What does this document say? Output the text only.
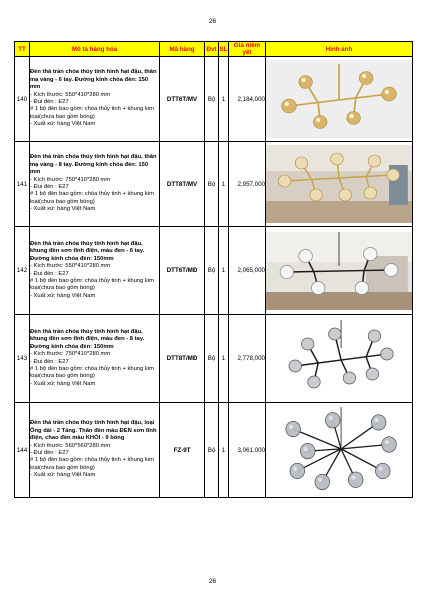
26
TT	Mô tả hàng hóa	Mã hàng	Đvt	SL	Giá niêm yết	Hình ảnh
140	Đèn thả trần chóa thủy tinh hình hạt đậu, thân mạ vàng - 6 tay. Đường kính chóa đèn: 150 mm
- Kích thước: 550*410*280 mm
- Đui đèn : E27
# 1 bộ đèn bao gồm: chóa thủy tinh + khung kim loại(chưa bao gồm bóng)
- Xuất xứ: hàng Việt Nam	DTT6T/MV	Bộ	1	2,184,000	

141	Đèn thả trần chóa thủy tinh hình hạt đậu, thân mạ vàng - 8 tay. Đường kính chóa đèn: 150 mm
- Kích thước: 750*410*280 mm
- Đui đèn : E27
# 1 bộ đèn bao gồm: chóa thủy tinh + khung kim loại(chưa bao gồm bóng)
- Xuất xứ: hàng Việt Nam	DTT8T/MV	Bộ	1	2,957,000	

142	Đèn thả trần chóa thủy tinh hình hạt đậu, khung đèn sơn tĩnh điện, màu đen - 6 tay. Đường kính chóa đèn: 150mm
- Kích thước: 550*410*280 mm
- Đui đèn : E27
# 1 bộ đèn bao gồm: chóa thủy tinh + khung kim loại(chưa bao gồm bóng)
- Xuất xứ: hàng Việt Nam	DTT6T/MĐ	Bộ	1	2,065,000	

143	Đèn thả trần chóa thủy tinh hình hạt đậu, khung đèn sơn tĩnh điện, màu đen - 8 tay. Đường kính chóa đèn: 150mm
- Kích thước: 750*410*280 mm
- Đui đèn : E27
# 1 bộ đèn bao gồm: chóa thủy tinh + khung kim loại(chưa bao gồm bóng)
- Xuất xứ: hàng Việt Nam	DTT8T/MĐ	Bộ	1	2,778,000	

144	Đèn thả trần chóa thủy tinh hình hạt đậu, loại Ống dài - 2 Tầng. Thân đèn màu ĐEN sơn tĩnh điện, chao đèn màu KHÓI - 9 bóng
- Kích thước: 560*560*280 mm
- Đui đèn : E27
# 1 bộ đèn bao gồm: chóa thủy tinh + khung kim loại(chưa bao gồm bóng)
- Xuất xứ: hàng Việt Nam	FZ-9T	Bộ	1	3,061,000	
26
